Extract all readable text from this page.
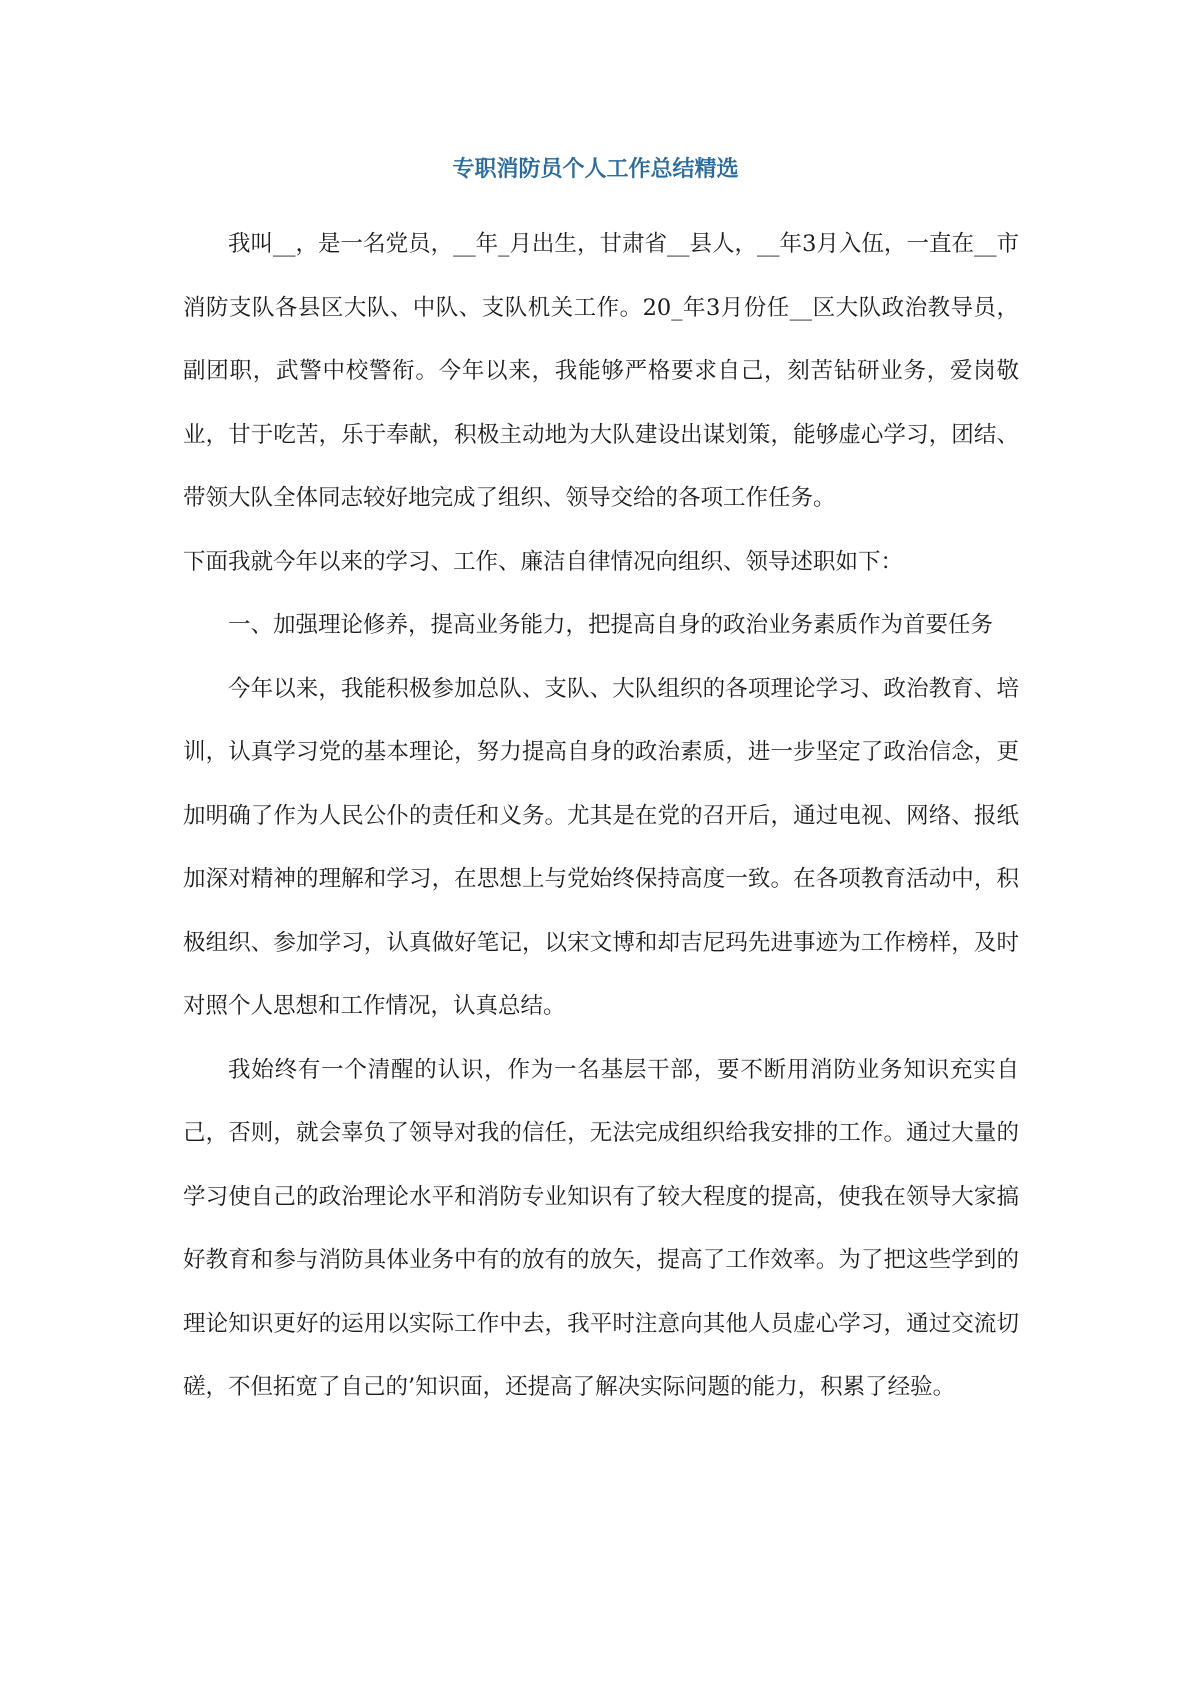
专职消防员个人工作总结精选

我叫__，是一名党员，__年_月出生，甘肃省__县人，__年3月入伍，一直在__市消防支队各县区大队、中队、支队机关工作。20_年3月份任__区大队政治教导员，副团职，武警中校警衔。今年以来，我能够严格要求自己，刻苦钻研业务，爱岗敬业，甘于吃苦，乐于奉献，积极主动地为大队建设出谋划策，能够虚心学习，团结、带领大队全体同志较好地完成了组织、领导交给的各项工作任务。

下面我就今年以来的学习、工作、廉洁自律情况向组织、领导述职如下：

一、加强理论修养，提高业务能力，把提高自身的政治业务素质作为首要任务

今年以来，我能积极参加总队、支队、大队组织的各项理论学习、政治教育、培训，认真学习党的基本理论，努力提高自身的政治素质，进一步坚定了政治信念，更加明确了作为人民公仆的责任和义务。尤其是在党的召开后，通过电视、网络、报纸加深对精神的理解和学习，在思想上与党始终保持高度一致。在各项教育活动中，积极组织、参加学习，认真做好笔记，以宋文博和却吉尼玛先进事迹为工作榜样，及时对照个人思想和工作情况，认真总结。

我始终有一个清醒的认识，作为一名基层干部，要不断用消防业务知识充实自己，否则，就会辜负了领导对我的信任，无法完成组织给我安排的工作。通过大量的学习使自己的政治理论水平和消防专业知识有了较大程度的提高，使我在领导大家搞好教育和参与消防具体业务中有的放有的放矢，提高了工作效率。为了把这些学到的理论知识更好的运用以实际工作中去，我平时注意向其他人员虚心学习，通过交流切磋，不但拓宽了自己的’知识面，还提高了解决实际问题的能力，积累了经验。
